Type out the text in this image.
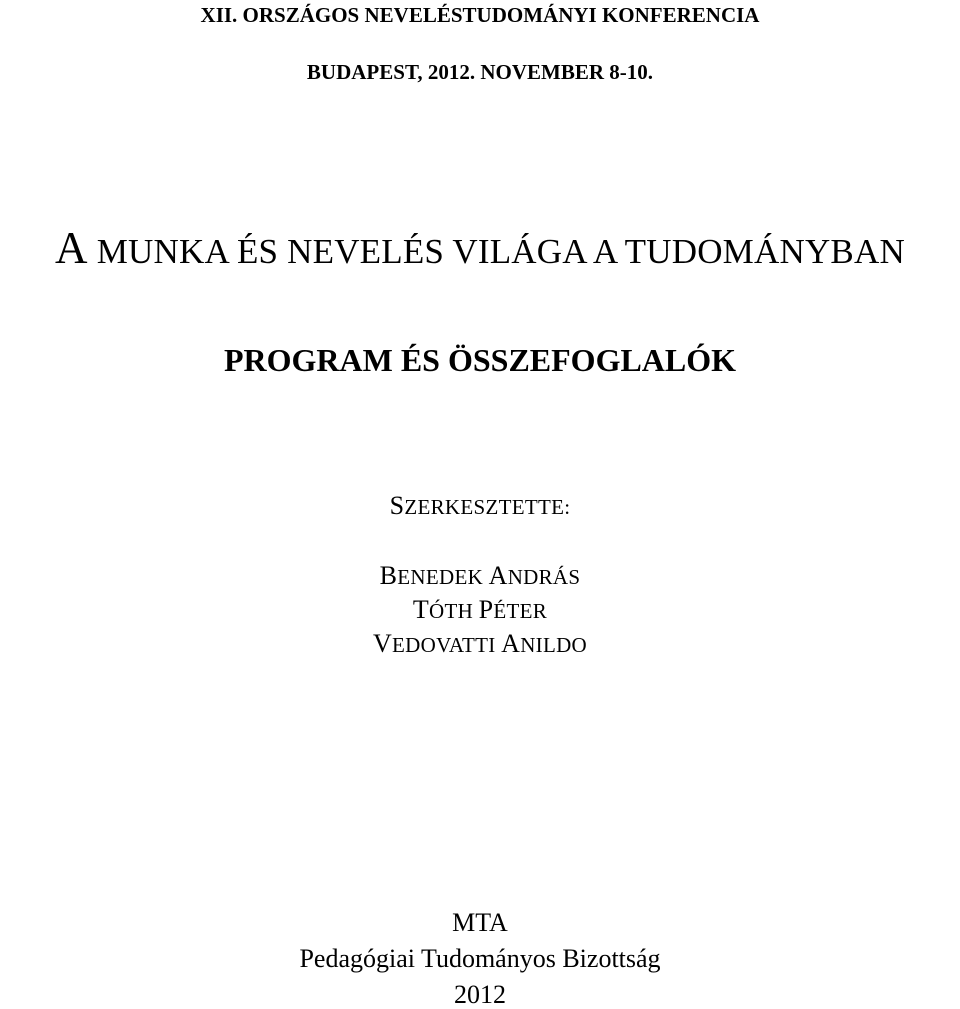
XII. ORSZÁGOS NEVELÉSTUDOMÁNYI KONFERENCIA
BUDAPEST, 2012. NOVEMBER 8-10.
A MUNKA ÉS NEVELÉS VILÁGA A TUDOMÁNYBAN
PROGRAM ÉS ÖSSZEFOGLALÓK
SZERKESZTETTE:
BENEDEK ANDRÁS
TÓTH PÉTER
VEDOVATTI ANILDO
MTA
Pedagógiai Tudományos Bizottság
2012
